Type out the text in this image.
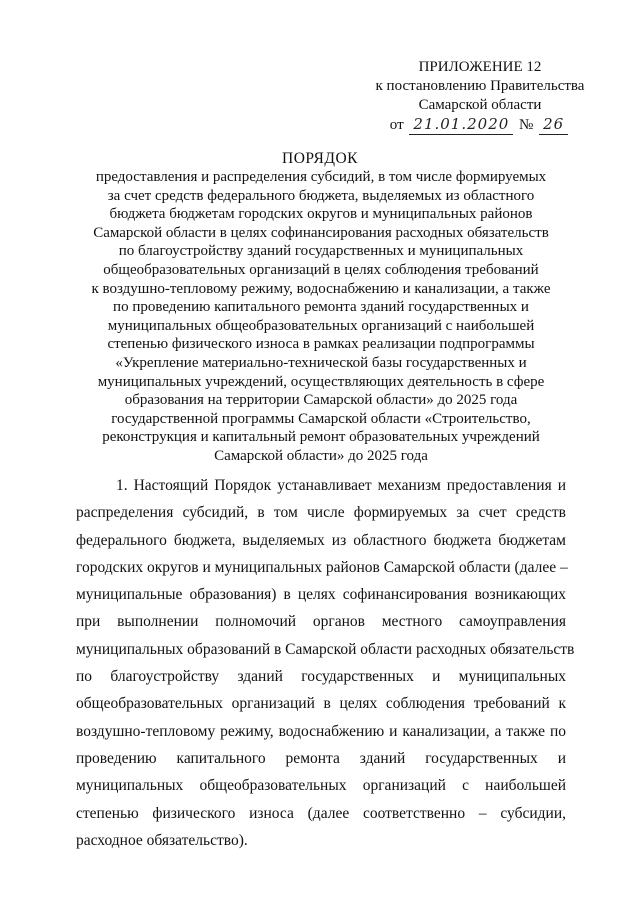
ПРИЛОЖЕНИЕ 12
к постановлению Правительства
Самарской области
от 21.01.2020 № 26
ПОРЯДОК
предоставления и распределения субсидий, в том числе формируемых
за счет средств федерального бюджета, выделяемых из областного
бюджета бюджетам городских округов и муниципальных районов
Самарской области в целях софинансирования расходных обязательств
по благоустройству зданий государственных и муниципальных
общеобразовательных организаций в целях соблюдения требований
к воздушно-тепловому режиму, водоснабжению и канализации, а также
по проведению капитального ремонта зданий государственных и
муниципальных общеобразовательных организаций с наибольшей
степенью физического износа в рамках реализации подпрограммы
«Укрепление материально-технической базы государственных и
муниципальных учреждений, осуществляющих деятельность в сфере
образования на территории Самарской области» до 2025 года
государственной программы Самарской области «Строительство,
реконструкция и капитальный ремонт образовательных учреждений
Самарской области» до 2025 года
1. Настоящий Порядок устанавливает механизм предоставления и
распределения субсидий, в том числе формируемых за счет средств
федерального бюджета, выделяемых из областного бюджета бюджетам
городских округов и муниципальных районов Самарской области (далее –
муниципальные образования) в целях софинансирования возникающих
при выполнении полномочий органов местного самоуправления
муниципальных образований в Самарской области расходных обязательств
по благоустройству зданий государственных и муниципальных
общеобразовательных организаций в целях соблюдения требований к
воздушно-тепловому режиму, водоснабжению и канализации, а также по
проведению капитального ремонта зданий государственных и
муниципальных общеобразовательных организаций с наибольшей
степенью физического износа (далее соответственно – субсидии,
расходное обязательство).
